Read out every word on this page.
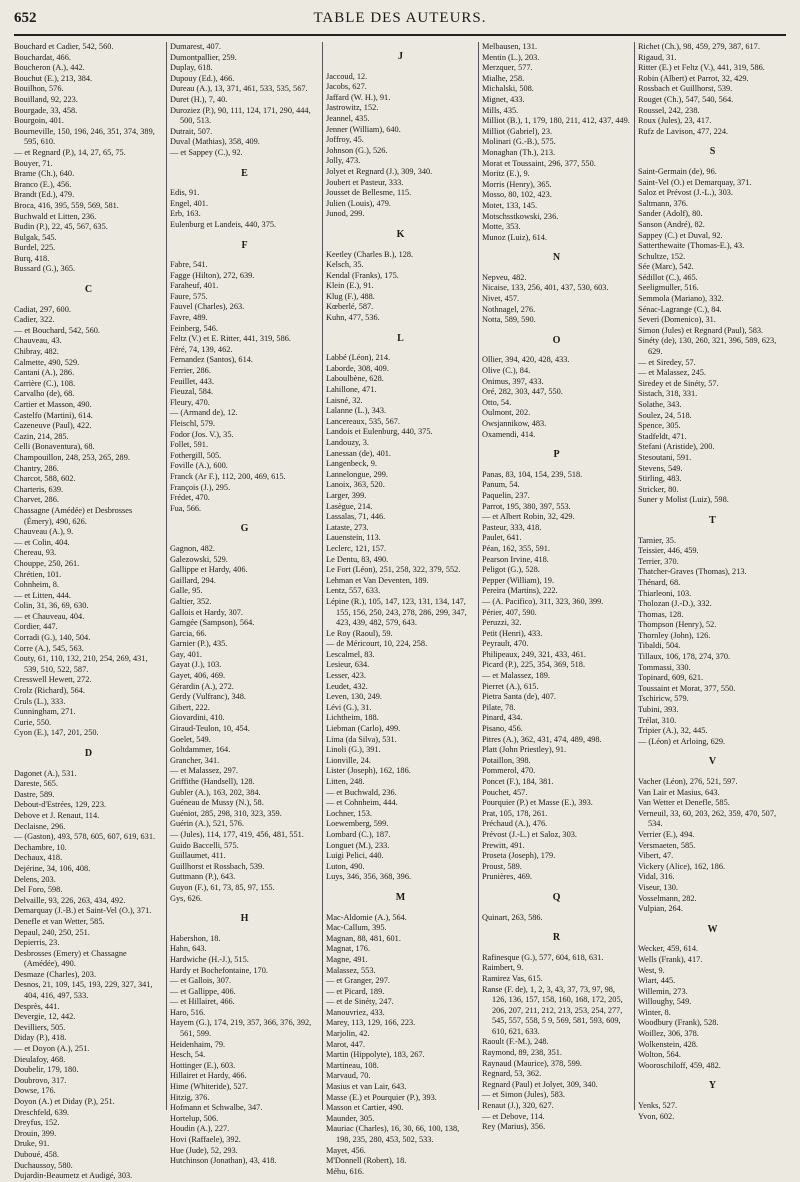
652	TABLE DES AUTEURS.
Bouchard et Cadier, 542, 560.
Bouchardat, 466.
Boucheron (A.), 442.
Bouchut (E.), 213, 384.
Bouilhon, 576.
Bouilland, 92, 223.
Bourgade, 33, 458.
Bourgoin, 401.
Bourneville, 150, 196, 246, 351, 374, 389, 595, 610.
— et Regnard (P.), 14, 27, 65, 75.
Bouyer, 71.
Brame (Ch.), 640.
Branco (E.), 456.
Brandt (Ed.), 479.
Broca, 416, 395, 559, 569, 581.
Buchwald et Litten, 236.
Budin (P.), 22, 45, 567, 635.
Bulgak, 545.
Burdel, 225.
Burq, 418.
Bussard (G.), 365.
C
Cadiat, 297, 600.
Cadier, 322.
— et Bouchard, 542, 560.
Chauveau, 43.
Chibray, 482.
Calmette, 490, 529.
Cantani (A.), 286.
Carrière (C.), 108.
Carvalho (de), 68.
Cartier et Masson, 490.
Castelfo (Martini), 614.
Cazeneuve (Paul), 422.
Cazin, 214, 285.
Celli (Bonaventura), 68.
Champouillon, 248, 253, 265, 289.
Chantry, 286.
Charcot, 588, 602.
Charteris, 639.
Charvet, 286.
Chassagne (Amédée) et Desbrosses (Émery), 490, 626.
Chauveau (A.), 9.
— et Colin, 404.
Chereau, 93.
Chouppe, 250, 261.
Chrétien, 101.
Cohnheim, 8.
— et Litten, 444.
Colin, 31, 36, 69, 630.
— et Chauveau, 404.
Cordier, 447.
Corradi (G.), 140, 504.
Corre (A.), 545, 563.
Couty, 61, 110, 132, 210, 254, 269, 431, 539, 510, 522, 587.
Cresswell Hewett, 272.
Crolz (Richard), 564.
Cruls (L.), 333.
Cunningham, 271.
Curie, 550.
Cyon (E.), 147, 201, 250.
D
Dagonet (A.), 531.
Dareste, 565.
Dastre, 589.
Debout-d'Estrées, 129, 223.
Debove et J. Renaut, 114.
Declaisne, 296.
— (Gaston), 493, 578, 605, 607, 619, 631.
Dechambre, 10.
Dechaux, 418.
Dejérine, 34, 106, 408.
Delens, 203.
Del Foro, 598.
Delvaille, 93, 226, 263, 434, 492.
Demarquay (J.-B.) et Saint-Vel (O.), 371.
Denefle et van Wetter, 585.
Depaul, 240, 250, 251.
Depierris, 23.
Desbrosses (Emery) et Chassagne (Amédée), 490.
Desmaze (Charles), 203.
Desnos, 21, 109, 145, 193, 229, 327, 341, 404, 416, 497, 533.
Desprès, 441.
Devergie, 12, 442.
Devilliers, 505.
Diday (P.), 418.
— et Doyon (A.), 251.
Dieulafoy, 468.
Doubelir, 179, 180.
Doubrovo, 317.
Dowse, 176.
Doyon (A.) et Diday (P.), 251.
Dreschfeld, 639.
Dreyfus, 152.
Drouin, 399.
Druke, 91.
Duboué, 458.
Duchaussoy, 580.
Dujardin-Beaumetz et Audigé, 303.
Dumarest, 407.
Dumontpallier, 259.
Duplay, 618.
Dupouy (Ed.), 466.
Dureau (A.), 13, 371, 461, 533, 535, 567.
Duret (H.), 7, 40.
Duroziez (P.), 90, 111, 124, 171, 290, 444, 500, 513.
Dutrait, 507.
Duval (Mathias), 358, 409.
— et Sappey (C.), 92.
E
Edis, 91.
Engel, 401.
Erb, 163.
Eulenburg et Landeis, 440, 375.
F
Fabre, 541.
Fagge (Hilton), 272, 639.
Faraheuf, 401.
Faure, 575.
Fauvel (Charles), 263.
Favre, 489.
Feinberg, 546.
Feltz (V.) et E. Ritter, 441, 319, 586.
Féré, 74, 139, 462.
Fernandez (Santos), 614.
Ferrier, 286.
Feuillet, 443.
Fieuzal, 584.
Fleury, 470.
— (Armand de), 12.
Fleischl, 579.
Fodor (Jos. V.), 35.
Follet, 591.
Fothergill, 505.
Foville (A.), 600.
Franck (Ar F.), 112, 200, 469, 615.
François (J.), 295.
Frédet, 470.
Fua, 566.
G
Gagnon, 482.
Galezowski, 529.
Gallippe et Hardy, 406.
Gaillard, 294.
Galle, 95.
Galtier, 352.
Gallois et Hardy, 307.
Gamgée (Sampson), 564.
Garcia, 66.
Garnier (P.), 435.
Gay, 401.
Gayat (J.), 103.
Gayet, 406, 469.
Gérardin (A.), 272.
Gerdy (Vulfranc), 348.
Gibert, 222.
Giovardini, 410.
Giraud-Teulon, 10, 454.
Goelet, 549.
Goltdammer, 164.
Grancher, 341.
— et Malassez, 297.
Griffithe (Handsell), 128.
Gubler (A.), 163, 202, 384.
Guéneau de Mussy (N.), 58.
Guéniot, 285, 298, 310, 323, 359.
Guérin (A.), 521, 576.
— (Jules), 114, 177, 419, 456, 481, 551.
Guido Baccelli, 575.
Guillaumet, 411.
Guillhorst et Rossbach, 539.
Guttmann (P.), 643.
Guyon (F.), 61, 73, 85, 97, 155.
Gys, 626.
H
Habershon, 18.
Hahn, 643.
Hardwiche (H.-J.), 515.
Hardy et Bochefontaine, 170.
— et Gallois, 307.
— et Gallippe, 406.
— et Hillairet, 466.
Haro, 516.
Hayem (G.), 174, 219, 357, 366, 376, 392, 561, 599.
Heidenhaim, 79.
Hesch, 54.
Hottinger (E.), 603.
Hillairet et Hardy, 466.
Hime (Whiteride), 527.
Hitzig, 376.
Hofmann et Schwalbe, 347.
Hortelup, 506.
Houdin (A.), 227.
Hovi (Raffaele), 392.
Hue (Jude), 52, 293.
Hutchinson (Jonathan), 43, 418.
J
Jaccoud, 12.
Jacobs, 627.
Jaffard (W. H.), 91.
Jastrowitz, 152.
Jeannel, 435.
Jenner (William), 640.
Joffroy, 45.
Johnson (G.), 526.
Jolly, 473.
Jolyet et Regnard (J.), 309, 340.
Joubert et Pasteur, 333.
Jousset de Bellesme, 115.
Julien (Louis), 479.
Junod, 299.
K
Keetley (Charles B.), 128.
Kelsch, 35.
Kendal (Franks), 175.
Klein (E.), 91.
Klug (F.), 488.
Kœberlé, 587.
Kuhn, 477, 536.
L
Labbé (Léon), 214.
Laborde, 308, 409.
Laboulbène, 628.
Lahillone, 471.
Laisné, 32.
Lalanne (L.), 343.
Lancereaux, 535, 567.
Landois et Eulenburg, 440, 375.
Landouzy, 3.
Lanessan (de), 401.
Langenbeck, 9.
Lannelongue, 299.
Lanoix, 363, 520.
Larger, 399.
Lasègue, 214.
Lassalas, 71, 446.
Lataste, 273.
Lauenstein, 113.
Leclerc, 121, 157.
Le Dentu, 83, 490.
Le Fort (Léon), 251, 258, 322, 379, 552.
Lehman et Van Deventen, 189.
Lentz, 557, 633.
Lépine (R.), 105, 147, 123, 131, 134, 147, 155, 156, 250, 243, 278, 286, 299, 347, 423, 439, 482, 579, 643.
Le Roy (Raoul), 59.
— de Méricourt, 10, 224, 258.
Lescalmel, 83.
Lesieur, 634.
Lesser, 423.
Leudet, 432.
Leven, 130, 249.
Lévi (G.), 31.
Lichtheim, 188.
Liebman (Carlo), 499.
Lima (da Silva), 531.
Linoli (G.), 391.
Lionville, 24.
Lister (Joseph), 162, 186.
Litten, 248.
— et Buchwald, 236.
— et Cohnheim, 444.
Lochner, 153.
Loewemberg, 599.
Lombard (C.), 187.
Longuet (M.), 233.
Luigi Pelici, 440.
Luton, 490.
Luys, 346, 356, 368, 396.
M
Mac-Aldomie (A.), 564.
Mac-Callum, 395.
Magnan, 88, 481, 601.
Magnat, 176.
Magne, 491.
Malassez, 553.
— et Granger, 297.
— et Picard, 189.
— et de Sinéty, 247.
Manouvriez, 433.
Marey, 113, 129, 166, 223.
Marjolin, 42.
Marot, 447.
Martin (Hippolyte), 183, 267.
Martineau, 108.
Marvaud, 70.
Masius et van Lair, 643.
Masse (E.) et Pourquier (P.), 393.
Masson et Cartier, 490.
Maunder, 305.
Mauriac (Charles), 16, 30, 66, 100, 138, 198, 235, 280, 453, 502, 533.
Mayet, 456.
M'Donnell (Robert), 18.
Méhu, 616.
Melbausen, 131.
Mentin (L.), 203.
Merzquer, 577.
Mialhe, 258.
Michalski, 508.
Mignet, 433.
Mills, 435.
Milliot (B.), 1, 179, 180, 211, 412, 437, 449.
Milliot (Gabriel), 23.
Molinari (G.-B.), 575.
Monaghan (Th.), 213.
Morat et Toussaint, 296, 377, 550.
Moritz (E.), 9.
Morris (Henry), 365.
Mosso, 80, 102, 423.
Motet, 133, 145.
Motschsstkowski, 236.
Motte, 353.
Munoz (Luiz), 614.
N
Nepveu, 482.
Nicaise, 133, 256, 401, 437, 530, 603.
Nivet, 457.
Nothnagel, 276.
Notta, 589, 590.
O
Ollier, 394, 420, 428, 433.
Olive (C.), 84.
Onimus, 397, 433.
Oré, 282, 303, 447, 550.
Otto, 54.
Oulmont, 202.
Owsjannikow, 483.
Oxamendi, 414.
P
Panas, 83, 104, 154, 239, 518.
Panum, 54.
Paquelin, 237.
Parrot, 195, 380, 397, 553.
— et Albert Robin, 32, 429.
Pasteur, 333, 418.
Paulet, 641.
Péan, 162, 355, 591.
Pearson Irvine, 418.
Peligot (G.), 528.
Pepper (William), 19.
Pereira (Martins), 222.
— (A. Pacifico), 311, 323, 360, 399.
Périer, 407, 590.
Peruzzi, 32.
Petit (Henri), 433.
Peyrault, 470.
Philipeaux, 249, 321, 433, 461.
Picard (P.), 225, 354, 369, 518.
— et Malassez, 189.
Pierret (A.), 615.
Pietra Santa (de), 407.
Pilate, 78.
Pinard, 434.
Pisano, 456.
Pitres (A.), 362, 431, 474, 489, 498.
Platt (John Priestley), 91.
Potaillon, 398.
Pommerol, 470.
Poncet (F.), 184, 381.
Pouchet, 457.
Pourquier (P.) et Masse (E.), 393.
Prat, 105, 178, 261.
Préchaud (A.), 476.
Prévost (J.-L.) et Saloz, 303.
Prewitt, 491.
Proseta (Joseph), 179.
Proust, 589.
Prunières, 469.
Q
Quinart, 263, 586.
R
Rafinesque (G.), 577, 604, 618, 631.
Raimbert, 9.
Ramirez Vas, 615.
Ranse (F. de), 1, 2, 3, 43, 37, 73, 97, 98, 126, 136, 157, 158, 160, 168, 172, 205, 206, 207, 211, 212, 213, 253, 254, 277, 545, 557, 558, 5 9, 569, 581, 593, 609, 610, 621, 633.
Raoult (F.-M.), 248.
Raymond, 89, 238, 351.
Raynaud (Maurice), 378, 599.
Regnard, 53, 362.
Regnard (Paul) et Jolyet, 309, 340.
— et Simon (Jules), 583.
Renaut (J.), 320, 627.
— et Debove, 114.
Rey (Marius), 356.
Richet (Ch.), 98, 459, 279, 387, 617.
Rigaud, 31.
Ritter (E.) et Feltz (V.), 441, 319, 586.
Robin (Albert) et Parrot, 32, 429.
Rossbach et Guillhorst, 539.
Rouget (Ch.), 547, 540, 564.
Roussel, 242, 238.
Roux (Jules), 23, 417.
Rufz de Lavison, 477, 224.
S
Saint-Germain (de), 96.
Saint-Vel (O.) et Demarquay, 371.
Saloz et Prévost (J.-L.), 303.
Saltmann, 376.
Sander (Adolf), 80.
Sanson (André), 82.
Sappey (C.) et Duval, 92.
Satterthewaite (Thomas-E.), 43.
Schultze, 152.
Sée (Marc), 542.
Sédillot (C.), 465.
Seeligmuller, 516.
Semmola (Mariano), 332.
Sénac-Lagrange (C.), 84.
Severi (Domenico), 31.
Simon (Jules) et Regnard (Paul), 583.
Sinéty (de), 130, 260, 321, 396, 589, 623, 629.
— et Siredey, 57.
— et Malassez, 245.
Siredey et de Sinéty, 57.
Sistach, 318, 331.
Solathe, 343.
Soulez, 24, 518.
Spence, 305.
Stadfeldt, 471.
Stefani (Aristide), 200.
Stesoutani, 591.
Stevens, 549.
Stirling, 483.
Stricker, 80.
Suner y Molist (Luiz), 598.
T
Tarnier, 35.
Teissier, 446, 459.
Terrier, 370.
Thatcher-Graves (Thomas), 213.
Thénard, 68.
Thiarleoni, 103.
Tholozan (J.-D.), 332.
Thomas, 128.
Thompson (Henry), 52.
Thornley (John), 126.
Tibaldi, 504.
Tillaux, 106, 178, 274, 370.
Tommassi, 330.
Topinard, 609, 621.
Toussaint et Morat, 377, 550.
Tschiricw, 579.
Tubini, 393.
Trélat, 310.
Tripier (A.), 32, 445.
— (Léon) et Arloing, 629.
V
Vacher (Léon), 276, 521, 597.
Van Lair et Masius, 643.
Van Wetter et Denefle, 585.
Verneuil, 33, 60, 203, 262, 359, 470, 507, 534.
Verrier (E.), 494.
Versmaeten, 585.
Vibert, 47.
Vickery (Alice), 162, 186.
Vidal, 316.
Viseur, 130.
Vosselmann, 282.
Vulpian, 264.
W
Wecker, 459, 614.
Wells (Frank), 417.
West, 9.
Wiart, 445.
Willemin, 273.
Willoughy, 549.
Winter, 8.
Woodbury (Frank), 528.
Woillez, 306, 378.
Wolkenstein, 428.
Wolton, 564.
Wooroschiloff, 459, 482.
Y
Yenks, 527.
Yvon, 602.
